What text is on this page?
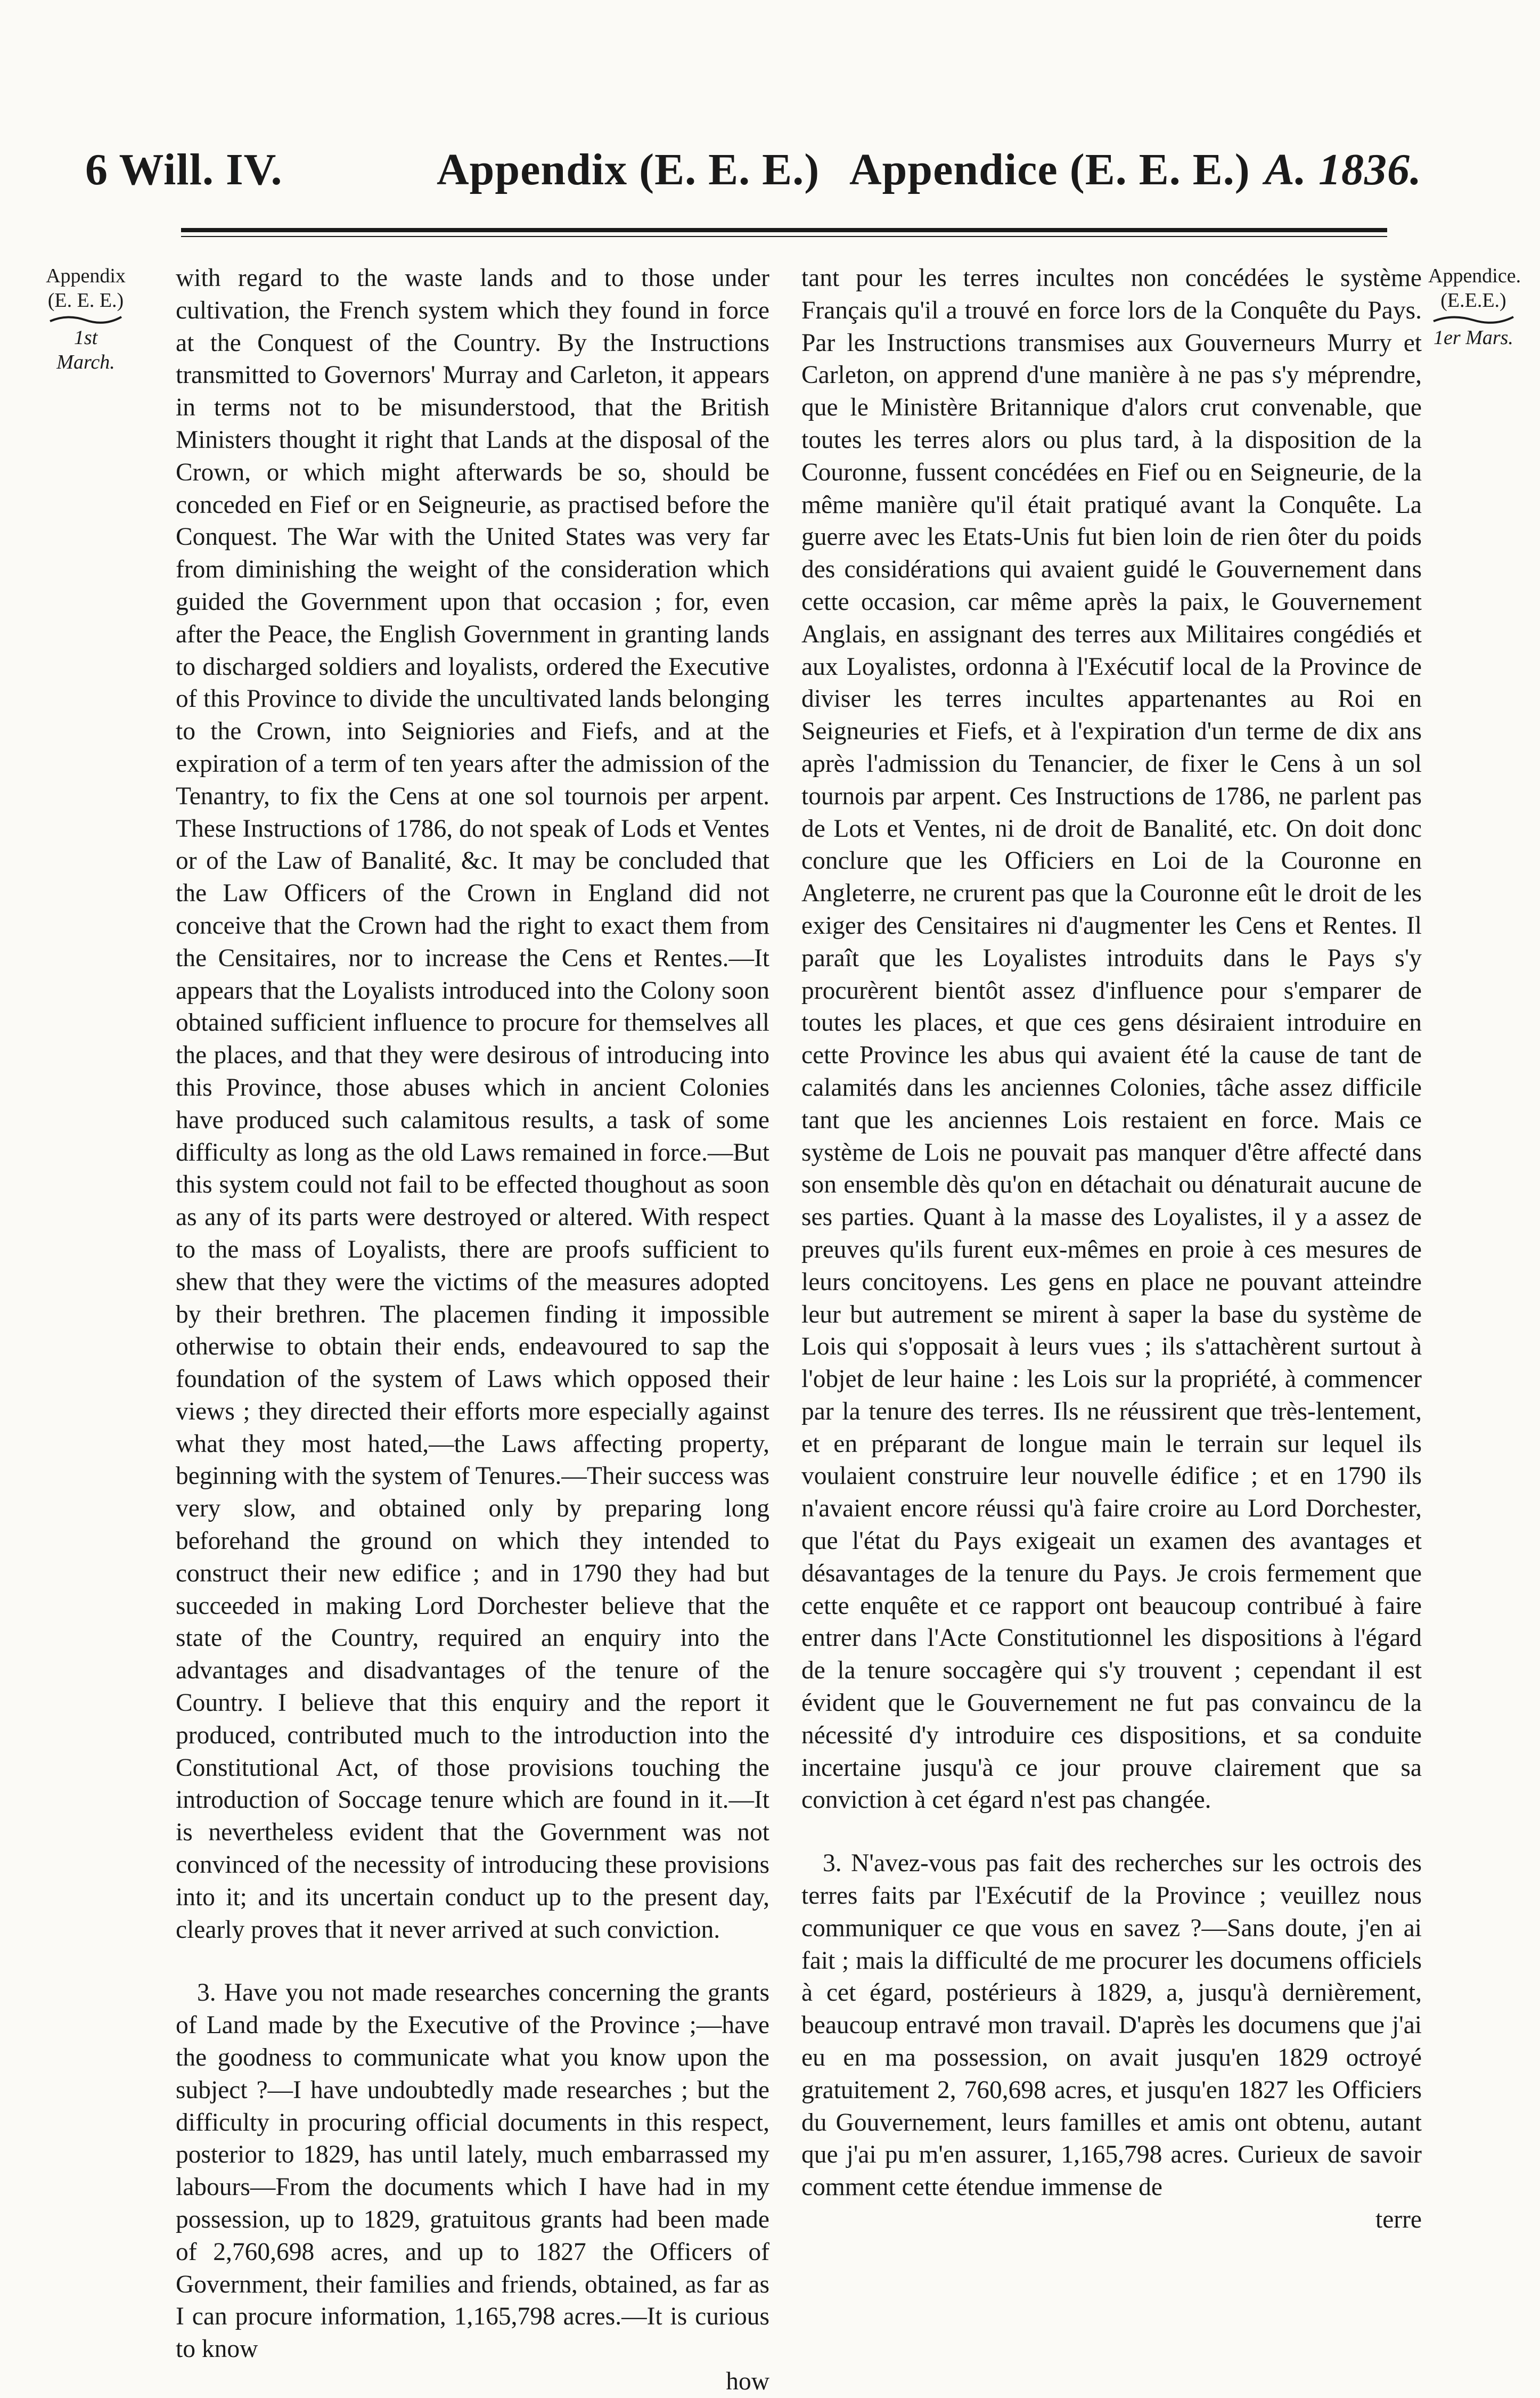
6 Will. IV.	Appendix (E. E. E.) Appendice (E. E. E.) A. 1836.
Appendix
(E. E. E.)
1st March.
Appendice.
(E.E.E.)
1er Mars.

with regard to the waste lands and to those under cultivation, the French system which they found in force at the Conquest of the Country. By the Instructions transmitted to Governors' Murray and Carleton, it appears in terms not to be misunderstood, that the British Ministers thought it right that Lands at the disposal of the Crown, or which might afterwards be so, should be conceded en Fief or en Seigneurie, as practised before the Conquest. The War with the United States was very far from diminishing the weight of the consideration which guided the Government upon that occasion ; for, even after the Peace, the English Government in granting lands to discharged soldiers and loyalists, ordered the Executive of this Province to divide the uncultivated lands belonging to the Crown, into Seigniories and Fiefs, and at the expiration of a term of ten years after the admission of the Tenantry, to fix the Cens at one sol tournois per arpent. These Instructions of 1786, do not speak of Lods et Ventes or of the Law of Banalité, &c. It may be concluded that the Law Officers of the Crown in England did not conceive that the Crown had the right to exact them from the Censitaires, nor to increase the Cens et Rentes.—It appears that the Loyalists introduced into the Colony soon obtained sufficient influence to procure for themselves all the places, and that they were desirous of introducing into this Province, those abuses which in ancient Colonies have produced such calamitous results, a task of some difficulty as long as the old Laws remained in force.—But this system could not fail to be effected thoughout as soon as any of its parts were destroyed or altered. With respect to the mass of Loyalists, there are proofs sufficient to shew that they were the victims of the measures adopted by their brethren. The placemen finding it impossible otherwise to obtain their ends, endeavoured to sap the foundation of the system of Laws which opposed their views ; they directed their efforts more especially against what they most hated,—the Laws affecting property, beginning with the system of Tenures.—Their success was very slow, and obtained only by preparing long beforehand the ground on which they intended to construct their new edifice ; and in 1790 they had but succeeded in making Lord Dorchester believe that the state of the Country, required an enquiry into the advantages and disadvantages of the tenure of the Country. I believe that this enquiry and the report it produced, contributed much to the introduction into the Constitutional Act, of those provisions touching the introduction of Soccage tenure which are found in it.—It is nevertheless evident that the Government was not convinced of the necessity of introducing these provisions into it; and its uncertain conduct up to the present day, clearly proves that it never arrived at such conviction.

3. Have you not made researches concerning the grants of Land made by the Executive of the Province ;—have the goodness to communicate what you know upon the subject ?—I have undoubtedly made researches ; but the difficulty in procuring official documents in this respect, posterior to 1829, has until lately, much embarrassed my labours—From the documents which I have had in my possession, up to 1829, gratuitous grants had been made of 2,760,698 acres, and up to 1827 the Officers of Government, their families and friends, obtained, as far as I can procure information, 1,165,798 acres.—It is curious to know

how

tant pour les terres incultes non concédées le système Français qu'il a trouvé en force lors de la Conquête du Pays. Par les Instructions transmises aux Gouverneurs Murry et Carleton, on apprend d'une manière à ne pas s'y méprendre, que le Ministère Britannique d'alors crut convenable, que toutes les terres alors ou plus tard, à la disposition de la Couronne, fussent concédées en Fief ou en Seigneurie, de la même manière qu'il était pratiqué avant la Conquête. La guerre avec les Etats-Unis fut bien loin de rien ôter du poids des considérations qui avaient guidé le Gouvernement dans cette occasion, car même après la paix, le Gouvernement Anglais, en assignant des terres aux Militaires congédiés et aux Loyalistes, ordonna à l'Exécutif local de la Province de diviser les terres incultes appartenantes au Roi en Seigneuries et Fiefs, et à l'expiration d'un terme de dix ans après l'admission du Tenancier, de fixer le Cens à un sol tournois par arpent. Ces Instructions de 1786, ne parlent pas de Lots et Ventes, ni de droit de Banalité, etc. On doit donc conclure que les Officiers en Loi de la Couronne en Angleterre, ne crurent pas que la Couronne eût le droit de les exiger des Censitaires ni d'augmenter les Cens et Rentes. Il paraît que les Loyalistes introduits dans le Pays s'y procurèrent bientôt assez d'influence pour s'emparer de toutes les places, et que ces gens désiraient introduire en cette Province les abus qui avaient été la cause de tant de calamités dans les anciennes Colonies, tâche assez difficile tant que les anciennes Lois restaient en force. Mais ce système de Lois ne pouvait pas manquer d'être affecté dans son ensemble dès qu'on en détachait ou dénaturait aucune de ses parties. Quant à la masse des Loyalistes, il y a assez de preuves qu'ils furent eux-mêmes en proie à ces mesures de leurs concitoyens. Les gens en place ne pouvant atteindre leur but autrement se mirent à saper la base du système de Lois qui s'opposait à leurs vues ; ils s'attachèrent surtout à l'objet de leur haine : les Lois sur la propriété, à commencer par la tenure des terres. Ils ne réussirent que très-lentement, et en préparant de longue main le terrain sur lequel ils voulaient construire leur nouvelle édifice ; et en 1790 ils n'avaient encore réussi qu'à faire croire au Lord Dorchester, que l'état du Pays exigeait un examen des avantages et désavantages de la tenure du Pays. Je crois fermement que cette enquête et ce rapport ont beaucoup contribué à faire entrer dans l'Acte Constitutionnel les dispositions à l'égard de la tenure soccagère qui s'y trouvent ; cependant il est évident que le Gouvernement ne fut pas convaincu de la nécessité d'y introduire ces dispositions, et sa conduite incertaine jusqu'à ce jour prouve clairement que sa conviction à cet égard n'est pas changée.

3. N'avez-vous pas fait des recherches sur les octrois des terres faits par l'Exécutif de la Province ; veuillez nous communiquer ce que vous en savez ?—Sans doute, j'en ai fait ; mais la difficulté de me procurer les documens officiels à cet égard, postérieurs à 1829, a, jusqu'à dernièrement, beaucoup entravé mon travail. D'après les documens que j'ai eu en ma possession, on avait jusqu'en 1829 octroyé gratuitement 2, 760,698 acres, et jusqu'en 1827 les Officiers du Gouvernement, leurs familles et amis ont obtenu, autant que j'ai pu m'en assurer, 1,165,798 acres. Curieux de savoir comment cette étendue immense de

terre
